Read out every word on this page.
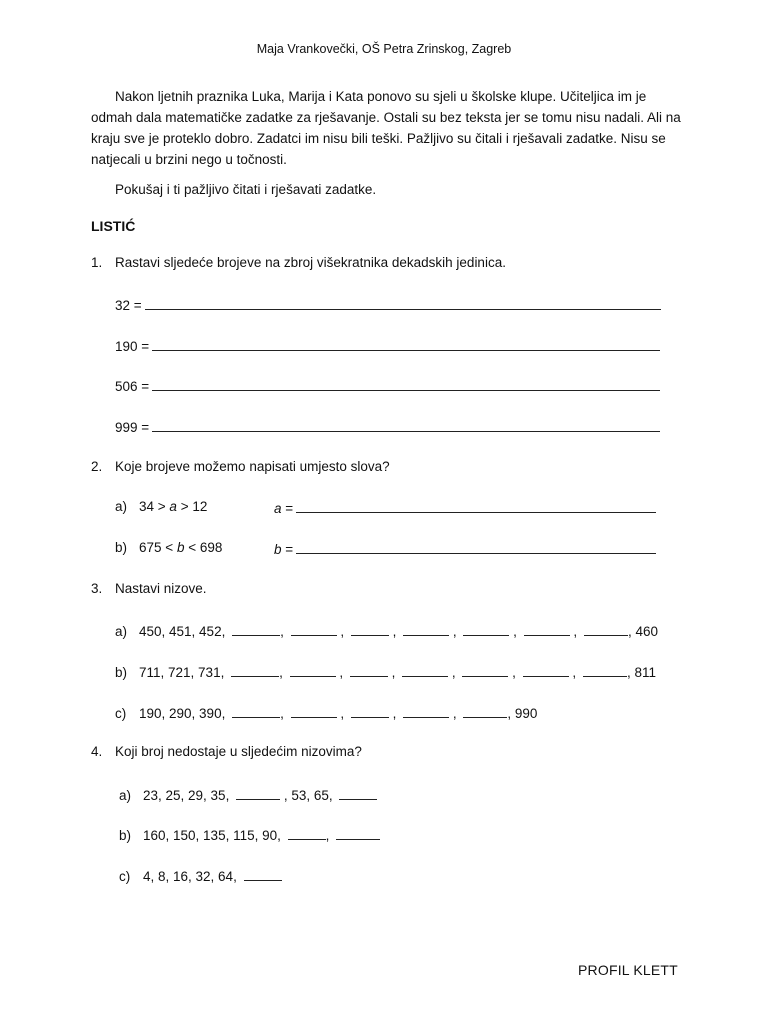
Maja Vrankovečki, OŠ Petra Zrinskog, Zagreb

Nakon ljetnih praznika Luka, Marija i Kata ponovo su sjeli u školske klupe. Učiteljica im je odmah dala matematičke zadatke za rješavanje. Ostali su bez teksta jer se tomu nisu nadali. Ali na kraju sve je proteklo dobro. Zadatci im nisu bili teški. Pažljivo su čitali i rješavali zadatke. Nisu se natjecali u brzini nego u točnosti.

Pokušaj i ti pažljivo čitati i rješavati zadatke.

LISTIĆ

1. Rastavi sljedeće brojeve na zbroj višekratnika dekadskih jedinica.

32 =
190 =
506 =
999 =

2. Koje brojeve možemo napisati umjesto slova?

a) 34 > a > 12	a =
b) 675 < b < 698	b =

3. Nastavi nizove.

a) 450, 451, 452,	,	,	,	,	,	,	, 460
b) 711, 721, 731,	,	,	,	,	,	,	, 811
c) 190, 290, 390,	,	,	,	,	, 990

4. Koji broj nedostaje u sljedećim nizovima?

a) 23, 25, 29, 35,	, 53, 65,
b) 160, 150, 135, 115, 90,	,
c) 4, 8, 16, 32, 64,
PROFIL KLETT
